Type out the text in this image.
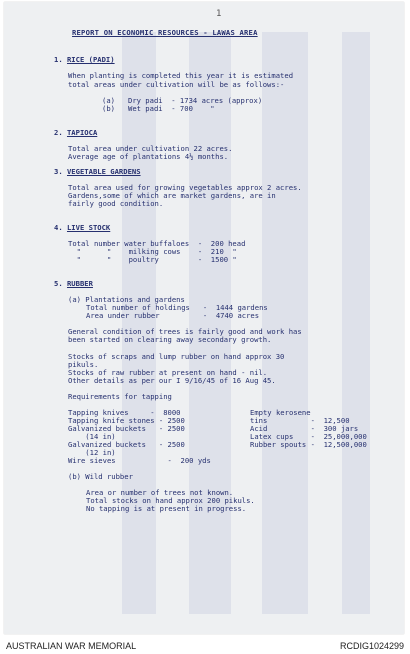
1

REPORT ON ECONOMIC RESOURCES - LAWAS AREA

1. RICE (PADI)

When planting is completed this year it is estimated

total areas under cultivation will be as follows:-

(a)

Dry padi  - 1734 acres (approx)

(b)

Wet padi  - 700    "

2. TAPIOCA

Total area under cultivation 22 acres.

Average age of plantations 4½ months.

3. VEGETABLE GARDENS

Total area used for growing vegetables approx 2 acres.

Gardens,some of which are market gardens, are in

fairly good condition.

4. LIVE STOCK

Total number water buffaloes  -  200 head

"      "    milking cows    -  210  "

"      "    poultry         -  1500 "

5. RUBBER

(a) Plantations and gardens

Total number of holdings   -  1444 gardens

Area under rubber          -  4740 acres

General condition of trees is fairly good and work has

been started on clearing away secondary growth.

Stocks of scraps and lump rubber on hand approx 30

pikuls.

Stocks of raw rubber at present on hand - nil.

Other details as per our I 9/16/45 of 16 Aug 45.

Requirements for tapping

Tapping knives     -  8000

Tapping knife stones - 2500

Galvanized buckets   - 2500

(14 in)

Galvanized buckets   - 2500

(12 in)

Wire sieves            -  200 yds

Empty kerosene

tins          -  12,500

Acid          -  300 jars

Latex cups    -  25,000,000

Rubber spouts -  12,500,000

(b) Wild rubber

Area or number of trees not known.

Total stocks on hand approx 200 pikuls.

No tapping is at present in progress.

AUSTRALIAN WAR MEMORIAL	RCDIG1024299
